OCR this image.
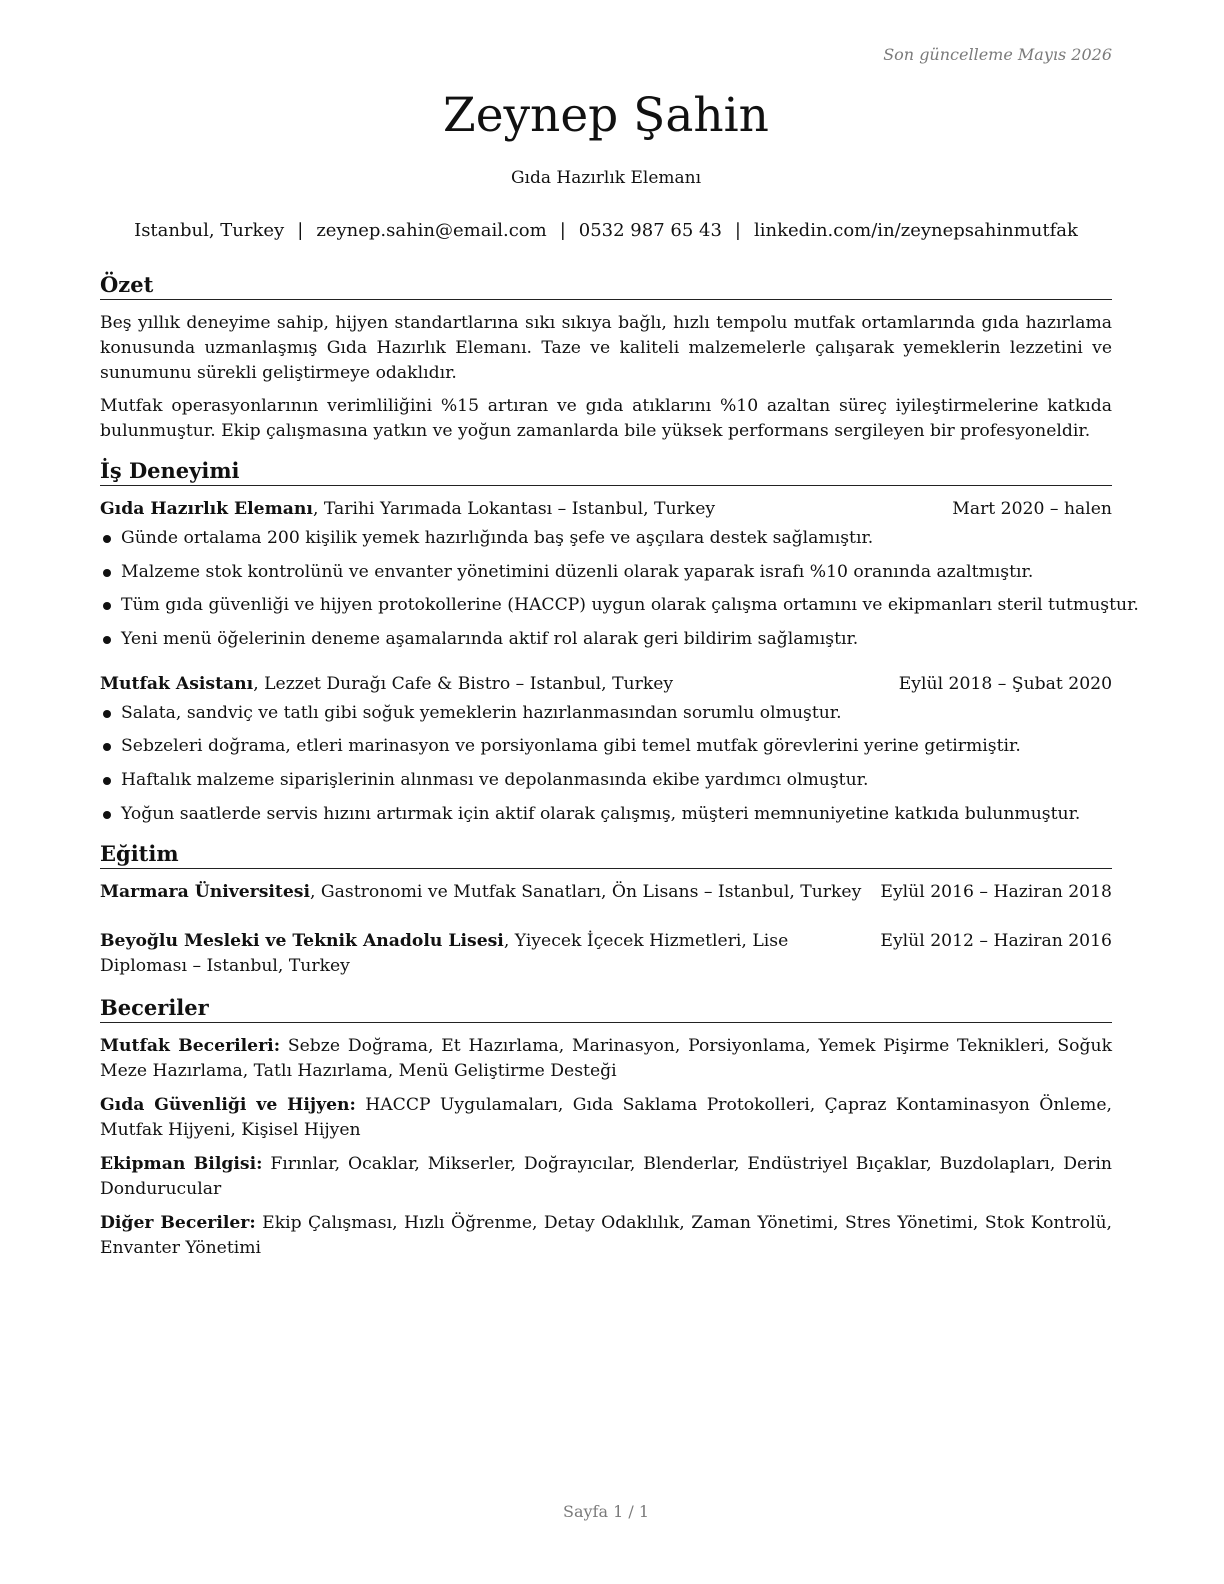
Son güncelleme Mayıs 2026
Zeynep Şahin
Gıda Hazırlık Elemanı
Istanbul, Turkey | zeynep.sahin@email.com | 0532 987 65 43 | linkedin.com/in/zeynepsahinmutfak
Özet

Beş yıllık deneyime sahip, hijyen standartlarına sıkı sıkıya bağlı, hızlı tempolu mutfak ortamlarında gıda hazırlama konusunda uzmanlaşmış Gıda Hazırlık Elemanı. Taze ve kaliteli malzemelerle çalışarak yemeklerin lezzetini ve sunumunu sürekli geliştirmeye odaklıdır.

Mutfak operasyonlarının verimliliğini %15 artıran ve gıda atıklarını %10 azaltan süreç iyileştirmelerine katkıda bulunmuştur. Ekip çalışmasına yatkın ve yoğun zamanlarda bile yüksek performans sergileyen bir profesyoneldir.

İş Deneyimi
Gıda Hazırlık Elemanı, Tarihi Yarımada Lokantası – Istanbul, Turkey	Mart 2020 – halen
Günde ortalama 200 kişilik yemek hazırlığında baş şefe ve aşçılara destek sağlamıştır.
Malzeme stok kontrolünü ve envanter yönetimini düzenli olarak yaparak israfı %10 oranında azaltmıştır.
Tüm gıda güvenliği ve hijyen protokollerine (HACCP) uygun olarak çalışma ortamını ve ekipmanları steril tutmuştur.
Yeni menü öğelerinin deneme aşamalarında aktif rol alarak geri bildirim sağlamıştır.
Mutfak Asistanı, Lezzet Durağı Cafe & Bistro – Istanbul, Turkey	Eylül 2018 – Şubat 2020
Salata, sandviç ve tatlı gibi soğuk yemeklerin hazırlanmasından sorumlu olmuştur.
Sebzeleri doğrama, etleri marinasyon ve porsiyonlama gibi temel mutfak görevlerini yerine getirmiştir.
Haftalık malzeme siparişlerinin alınması ve depolanmasında ekibe yardımcı olmuştur.
Yoğun saatlerde servis hızını artırmak için aktif olarak çalışmış, müşteri memnuniyetine katkıda bulunmuştur.
Eğitim
Marmara Üniversitesi, Gastronomi ve Mutfak Sanatları, Ön Lisans – Istanbul, Turkey	Eylül 2016 – Haziran 2018
Beyoğlu Mesleki ve Teknik Anadolu Lisesi, Yiyecek İçecek Hizmetleri, Lise Diploması – Istanbul, Turkey
Eylül 2012 – Haziran 2016
Beceriler
Mutfak Becerileri: Sebze Doğrama, Et Hazırlama, Marinasyon, Porsiyonlama, Yemek Pişirme Teknikleri, Soğuk Meze Hazırlama, Tatlı Hazırlama, Menü Geliştirme Desteği
Gıda Güvenliği ve Hijyen: HACCP Uygulamaları, Gıda Saklama Protokolleri, Çapraz Kontaminasyon Önleme, Mutfak Hijyeni, Kişisel Hijyen
Ekipman Bilgisi: Fırınlar, Ocaklar, Mikserler, Doğrayıcılar, Blenderlar, Endüstriyel Bıçaklar, Buzdolapları, Derin Dondurucular
Diğer Beceriler: Ekip Çalışması, Hızlı Öğrenme, Detay Odaklılık, Zaman Yönetimi, Stres Yönetimi, Stok Kontrolü, Envanter Yönetimi
Sayfa 1 / 1
